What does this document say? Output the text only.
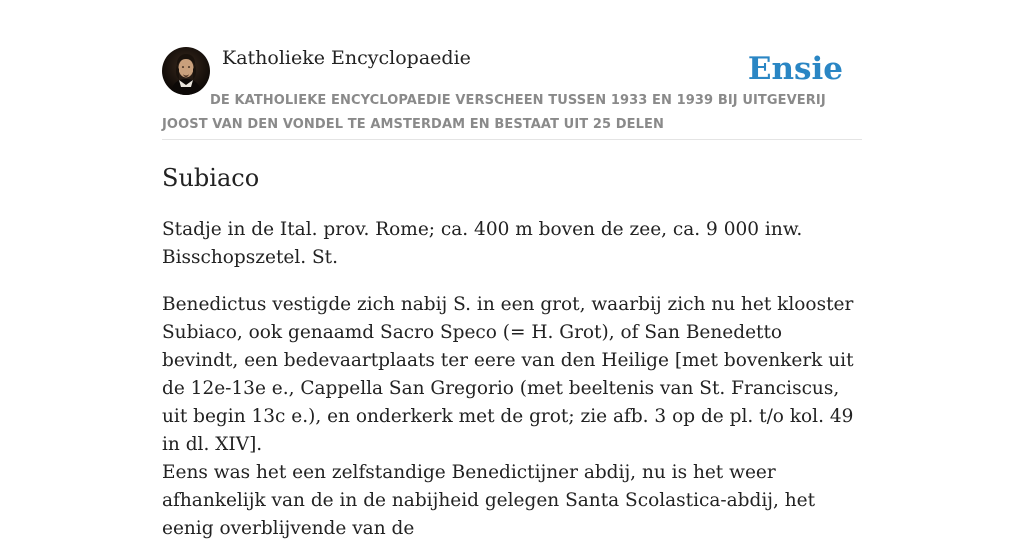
Katholieke Encyclopaedie	Ensie
DE KATHOLIEKE ENCYCLOPAEDIE VERSCHEEN TUSSEN 1933 EN 1939 BIJ UITGEVERIJ JOOST VAN DEN VONDEL TE AMSTERDAM EN BESTAAT UIT 25 DELEN
Subiaco

Stadje in de Ital. prov. Rome; ca. 400 m boven de zee, ca. 9 000 inw. Bisschopszetel. St.

Benedictus vestigde zich nabij S. in een grot, waarbij zich nu het klooster Subiaco, ook genaamd Sacro Speco (= H. Grot), of San Benedetto bevindt, een bedevaartplaats ter eere van den Heilige [met bovenkerk uit de 12e-13e e., Cappella San Gregorio (met beeltenis van St. Franciscus, uit begin 13c e.), en onderkerk met de grot; zie afb. 3 op de pl. t/o kol. 49 in dl. XIV].

Eens was het een zelfstandige Benedictijner abdij, nu is het weer afhankelijk van de in de nabijheid gelegen Santa Scolastica-abdij, het eenig overblijvende van de
